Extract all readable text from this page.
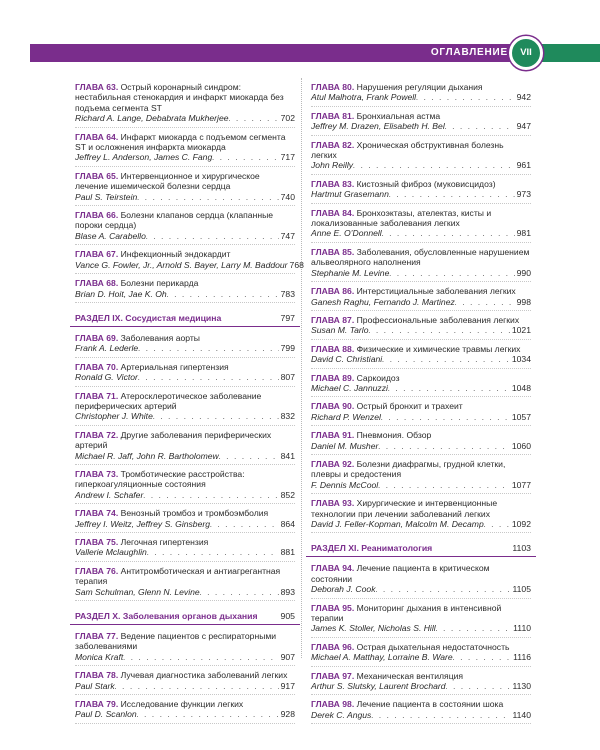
ОГЛАВЛЕНИЕ	VII
ГЛАВА 63. Острый коронарный синдром: нестабильная стенокардия и инфаркт миокарда без подъема сегмента ST
Richard A. Lange, Debabrata Mukherjee . . .	702
ГЛАВА 64. Инфаркт миокарда с подъемом сегмента ST и осложнения инфаркта миокарда
Jeffrey L. Anderson, James C. Fang . . .	717
ГЛАВА 65. Интервенционное и хирургическое лечение ишемической болезни сердца
Paul S. Teirstein . . .	740
ГЛАВА 66. Болезни клапанов сердца (клапанные пороки сердца)
Blase A. Carabello . . .	747
ГЛАВА 67. Инфекционный эндокардит
Vance G. Fowler, Jr., Arnold S. Bayer, Larry M. Baddour 768
ГЛАВА 68. Болезни перикарда
Brian D. Hoit, Jae K. Oh . . .	783
РАЗДЕЛ IX. Сосудистая медицина	797
ГЛАВА 69. Заболевания аорты
Frank A. Lederle . . .	799
ГЛАВА 70. Артериальная гипертензия
Ronald G. Victor . . .	807
ГЛАВА 71. Атеросклеротическое заболевание периферических артерий
Christopher J. White . . .	832
ГЛАВА 72. Другие заболевания периферических артерий
Michael R. Jaff, John R. Bartholomew . . .	841
ГЛАВА 73. Тромботические расстройства: гиперкоагуляционные состояния
Andrew I. Schafer . . .	852
ГЛАВА 74. Венозный тромбоз и тромбоэмболия
Jeffrey I. Weitz, Jeffrey S. Ginsberg . . .	864
ГЛАВА 75. Легочная гипертензия
Vallerie Mclaughlin . . .	881
ГЛАВА 76. Антитромботическая и антиагрегантная терапия
Sam Schulman, Glenn N. Levine . . .	893
РАЗДЕЛ X. Заболевания органов дыхания	905
ГЛАВА 77. Ведение пациентов с респираторными заболеваниями
Monica Kraft . . .	907
ГЛАВА 78. Лучевая диагностика заболеваний легких
Paul Stark . . .	917
ГЛАВА 79. Исследование функции легких
Paul D. Scanlon . . .	928
ГЛАВА 80. Нарушения регуляции дыхания
Atul Malhotra, Frank Powell . . .	942
ГЛАВА 81. Бронхиальная астма
Jeffrey M. Drazen, Elisabeth H. Bel . . .	947
ГЛАВА 82. Хроническая обструктивная болезнь легких
John Reilly . . .	961
ГЛАВА 83. Кистозный фиброз (муковисцидоз)
Hartmut Grasemann . . .	973
ГЛАВА 84. Бронхоэктазы, ателектаз, кисты и локализованные заболевания легких
Anne E. O’Donnell . . .	981
ГЛАВА 85. Заболевания, обусловленные нарушением альвеолярного наполнения
Stephanie M. Levine . . .	990
ГЛАВА 86. Интерстициальные заболевания легких
Ganesh Raghu, Fernando J. Martinez . . .	998
ГЛАВА 87. Профессиональные заболевания легких
Susan M. Tarlo . . .	1021
ГЛАВА 88. Физические и химические травмы легких
David C. Christiani . . .	1034
ГЛАВА 89. Саркоидоз
Michael C. Jannuzzi . . .	1048
ГЛАВА 90. Острый бронхит и трахеит
Richard P. Wenzel . . .	1057
ГЛАВА 91. Пневмония. Обзор
Daniel M. Musher . . .	1060
ГЛАВА 92. Болезни диафрагмы, грудной клетки, плевры и средостения
F. Dennis McCool . . .	1077
ГЛАВА 93. Хирургические и интервенционные технологии при лечении заболеваний легких
David J. Feller-Kopman, Malcolm M. Decamp . . .	1092
РАЗДЕЛ XI. Реаниматология	1103
ГЛАВА 94. Лечение пациента в критическом состоянии
Deborah J. Cook . . .	1105
ГЛАВА 95. Мониторинг дыхания в интенсивной терапии
James K. Stoller, Nicholas S. Hill . . .	1110
ГЛАВА 96. Острая дыхательная недостаточность
Michael A. Matthay, Lorraine B. Ware . . .	1116
ГЛАВА 97. Механическая вентиляция
Arthur S. Slutsky, Laurent Brochard . . .	1130
ГЛАВА 98. Лечение пациента в состоянии шока
Derek C. Angus . . .	1140
